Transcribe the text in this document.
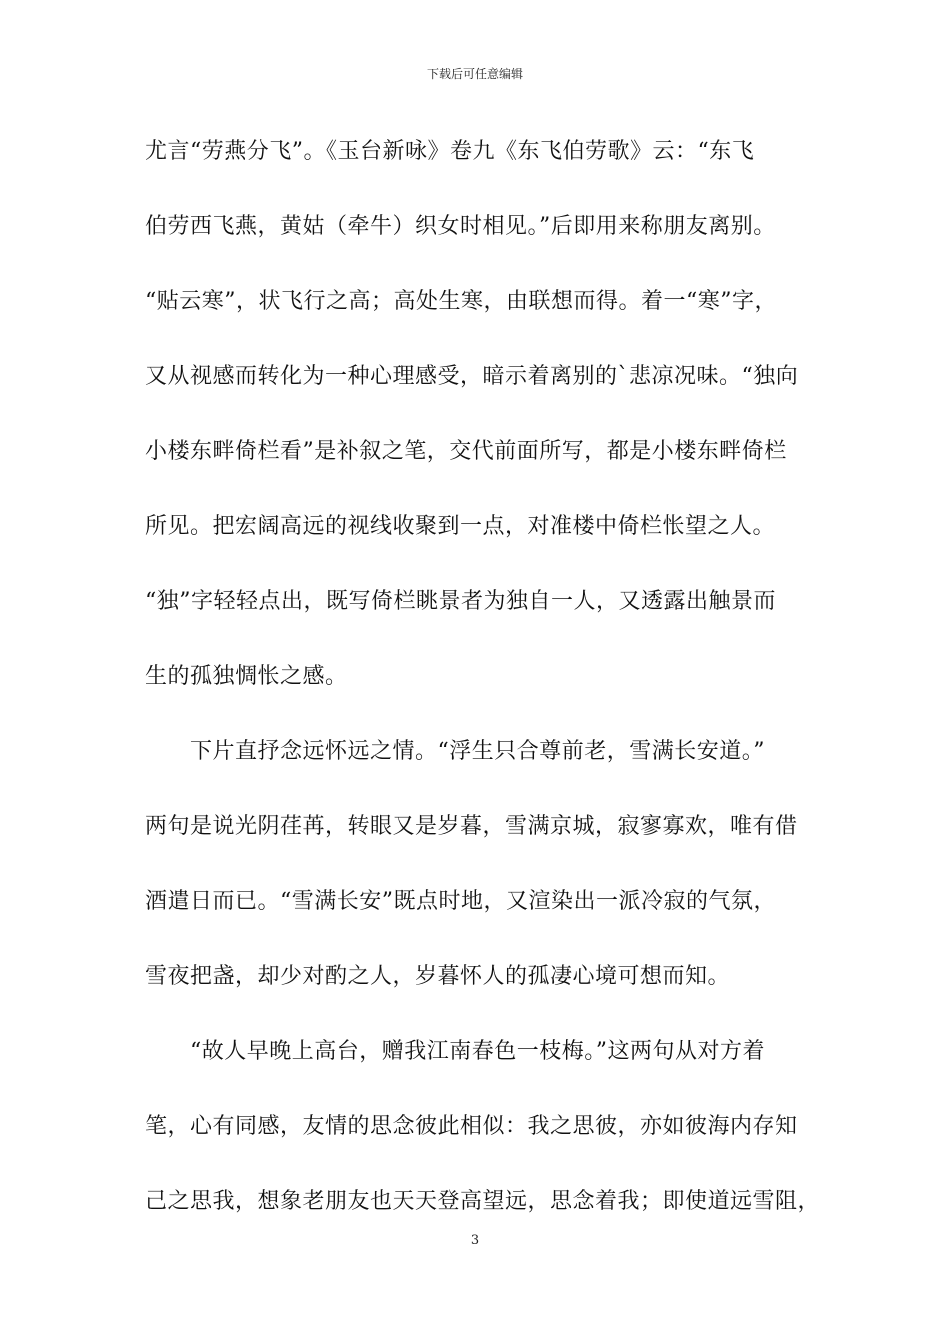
下载后可任意编辑
尤言“劳燕分飞”。《玉台新咏》卷九《东飞伯劳歌》云：“东飞
伯劳西飞燕，黄姑（牵牛）织女时相见。”后即用来称朋友离别。
“贴云寒”，状飞行之高；高处生寒，由联想而得。着一“寒”字，
又从视感而转化为一种心理感受，暗示着离别的`悲凉况味。“独向
小楼东畔倚栏看”是补叙之笔，交代前面所写，都是小楼东畔倚栏
所见。把宏阔高远的视线收聚到一点，对准楼中倚栏怅望之人。
“独”字轻轻点出，既写倚栏眺景者为独自一人，又透露出触景而
生的孤独惆怅之感。
下片直抒念远怀远之情。“浮生只合尊前老，雪满长安道。”
两句是说光阴荏苒，转眼又是岁暮，雪满京城，寂寥寡欢，唯有借
酒遣日而已。“雪满长安”既点时地，又渲染出一派冷寂的气氛，
雪夜把盏，却少对酌之人，岁暮怀人的孤凄心境可想而知。
“故人早晚上高台，赠我江南春色一枝梅。”这两句从对方着
笔，心有同感，友情的思念彼此相似：我之思彼，亦如彼海内存知
己之思我，想象老朋友也天天登高望远，思念着我；即使道远雪阻，
3
